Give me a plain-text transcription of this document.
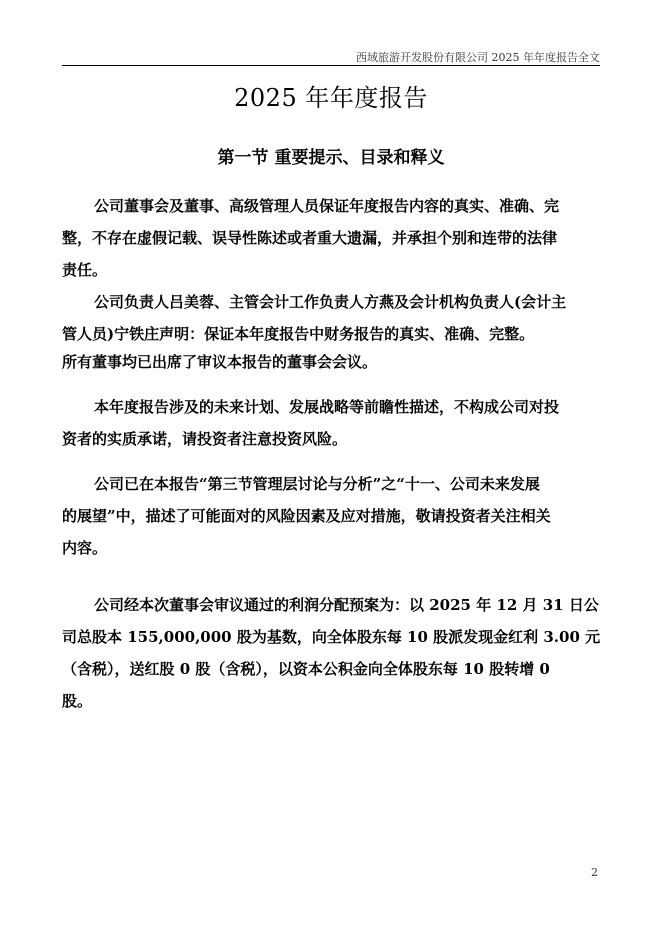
西域旅游开发股份有限公司 2025 年年度报告全文
2025 年年度报告
第一节 重要提示、目录和释义
公司董事会及董事、高级管理人员保证年度报告内容的真实、准确、完
整，不存在虚假记载、误导性陈述或者重大遗漏，并承担个别和连带的法律
责任。
公司负责人吕美蓉、主管会计工作负责人方燕及会计机构负责人(会计主
管人员)宁铁庄声明：保证本年度报告中财务报告的真实、准确、完整。
所有董事均已出席了审议本报告的董事会会议。
本年度报告涉及的未来计划、发展战略等前瞻性描述，不构成公司对投
资者的实质承诺，请投资者注意投资风险。
公司已在本报告“第三节管理层讨论与分析”之“十一、公司未来发展
的展望”中，描述了可能面对的风险因素及应对措施，敬请投资者关注相关
内容。
公司经本次董事会审议通过的利润分配预案为：以 2025 年 12 月 31 日公
司总股本 155,000,000 股为基数，向全体股东每 10 股派发现金红利 3.00 元
（含税），送红股 0 股（含税），以资本公积金向全体股东每 10 股转增 0
股。
2
